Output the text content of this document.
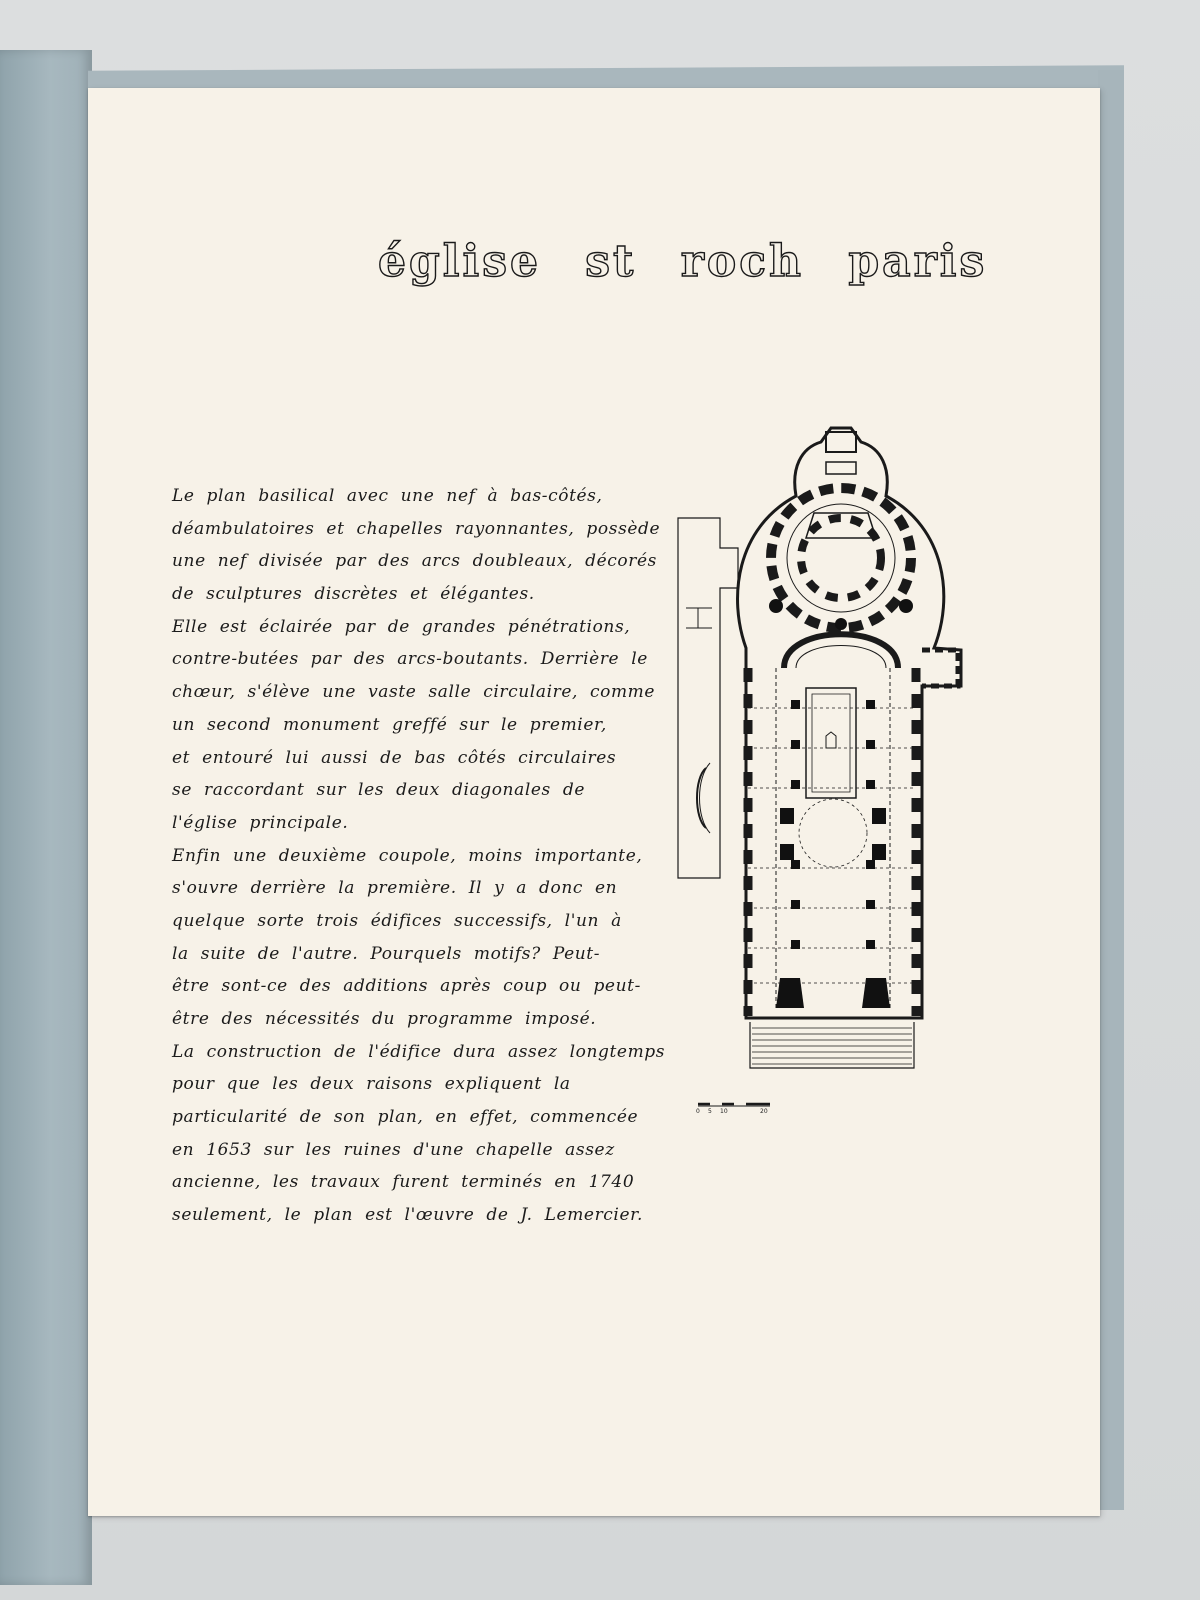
église st roch paris
Le plan basilical avec une nef à bas-côtés,
déambulatoires et chapelles rayonnantes, possède
une nef divisée par des arcs doubleaux, décorés
de sculptures discrètes et élégantes.
Elle est éclairée par de grandes pénétrations,
contre-butées par des arcs-boutants. Derrière le
chœur, s'élève une vaste salle circulaire, comme
un second monument greffé sur le premier,
et entouré lui aussi de bas côtés circulaires
se raccordant sur les deux diagonales de
l'église principale.
Enfin une deuxième coupole, moins importante,
s'ouvre derrière la première. Il y a donc en
quelque sorte trois édifices successifs, l'un à
la suite de l'autre. Pourquels motifs? Peut-
être sont-ce des additions après coup ou peut-
être des nécessités du programme imposé.
La construction de l'édifice dura assez longtemps
pour que les deux raisons expliquent la
particularité de son plan, en effet, commencée
en 1653 sur les ruines d'une chapelle assez
ancienne, les travaux furent terminés en 1740
seulement, le plan est l'œuvre de J. Lemercier.
0 5 10	20
